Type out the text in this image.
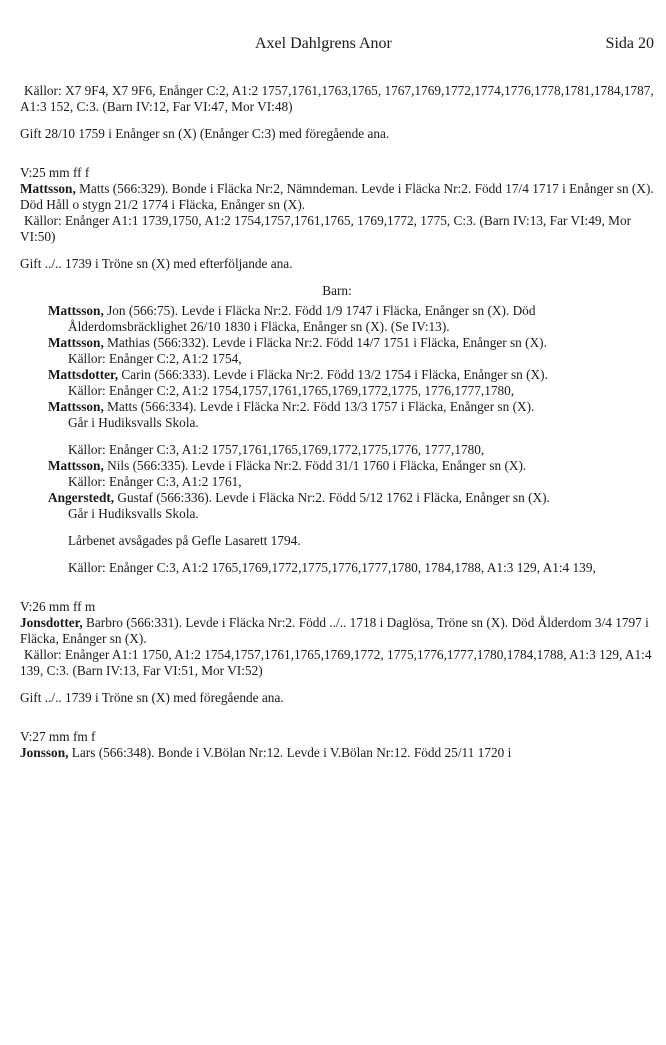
Axel Dahlgrens Anor	Sida 20

Källor: X7 9F4, X7 9F6, Enånger C:2, A1:2 1757,1761,1763,1765, 1767,1769,1772,1774,1776,1778,1781,1784,1787, A1:3 152, C:3. (Barn IV:12, Far VI:47, Mor VI:48)

Gift 28/10 1759 i Enånger sn (X) (Enånger C:3) med föregående ana.

V:25 mm ff f

Mattsson, Matts (566:329). Bonde i Fläcka Nr:2, Nämndeman. Levde i Fläcka Nr:2. Född 17/4 1717 i Enånger sn (X). Död Håll o stygn 21/2 1774 i Fläcka, Enånger sn (X).

Källor: Enånger A1:1 1739,1750, A1:2 1754,1757,1761,1765, 1769,1772, 1775, C:3. (Barn IV:13, Far VI:49, Mor VI:50)

Gift ../.. 1739 i Tröne sn (X) med efterföljande ana.

Barn:

Mattsson, Jon (566:75). Levde i Fläcka Nr:2. Född 1/9 1747 i Fläcka, Enånger sn (X). Död Ålderdomsbräcklighet 26/10 1830 i Fläcka, Enånger sn (X). (Se IV:13).

Mattsson, Mathias (566:332). Levde i Fläcka Nr:2. Född 14/7 1751 i Fläcka, Enånger sn (X).

Källor: Enånger C:2, A1:2 1754,

Mattsdotter, Carin (566:333). Levde i Fläcka Nr:2. Född 13/2 1754 i Fläcka, Enånger sn (X).

Källor: Enånger C:2, A1:2 1754,1757,1761,1765,1769,1772,1775, 1776,1777,1780,

Mattsson, Matts (566:334). Levde i Fläcka Nr:2. Född 13/3 1757 i Fläcka, Enånger sn (X).

Går i Hudiksvalls Skola.

Källor: Enånger C:3, A1:2 1757,1761,1765,1769,1772,1775,1776, 1777,1780,

Mattsson, Nils (566:335). Levde i Fläcka Nr:2. Född 31/1 1760 i Fläcka, Enånger sn (X).

Källor: Enånger C:3, A1:2 1761,

Angerstedt, Gustaf (566:336). Levde i Fläcka Nr:2. Född 5/12 1762 i Fläcka, Enånger sn (X).

Går i Hudiksvalls Skola.

Lårbenet avsågades på Gefle Lasarett 1794.

Källor: Enånger C:3, A1:2 1765,1769,1772,1775,1776,1777,1780, 1784,1788, A1:3 129, A1:4 139,

V:26 mm ff m

Jonsdotter, Barbro (566:331). Levde i Fläcka Nr:2. Född ../.. 1718 i Daglösa, Tröne sn (X). Död Ålderdom 3/4 1797 i Fläcka, Enånger sn (X).

Källor: Enånger A1:1 1750, A1:2 1754,1757,1761,1765,1769,1772, 1775,1776,1777,1780,1784,1788, A1:3 129, A1:4 139, C:3. (Barn IV:13, Far VI:51, Mor VI:52)

Gift ../.. 1739 i Tröne sn (X) med föregående ana.

V:27 mm fm f

Jonsson, Lars (566:348). Bonde i V.Bölan Nr:12. Levde i V.Bölan Nr:12. Född 25/11 1720 i
